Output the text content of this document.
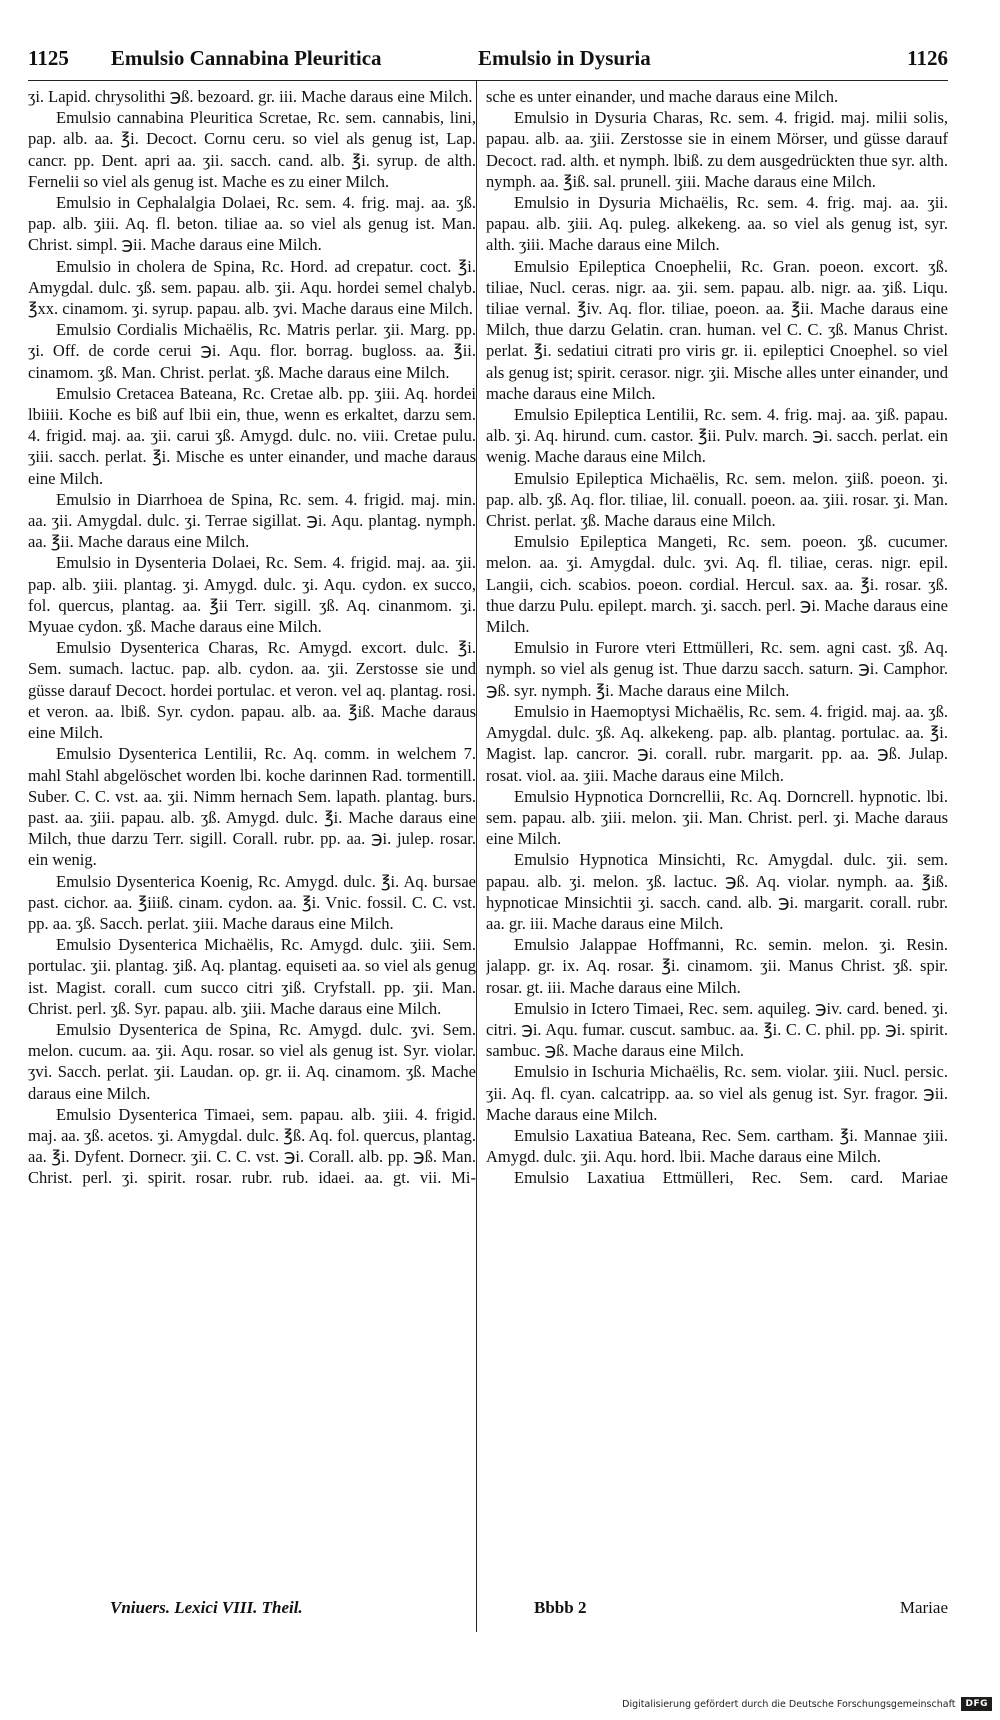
1125 Emulsio Cannabina Pleuritica	Emulsio in Dysuria	1126

ʒi. Lapid. chrysolithi ℈ß. bezoard. gr. iii. Mache daraus eine Milch.

Emulsio cannabina Pleuritica Scretae, Rc. sem. cannabis, lini, pap. alb. aa. ℥i. Decoct. Cornu ceru. so viel als genug ist, Lap. cancr. pp. Dent. apri aa. ʒii. sacch. cand. alb. ℥i. syrup. de alth. Fernelii so viel als genug ist. Mache es zu einer Milch.

Emulsio in Cephalalgia Dolaei, Rc. sem. 4. frig. maj. aa. ʒß. pap. alb. ʒiii. Aq. fl. beton. tiliae aa. so viel als genug ist. Man. Christ. simpl. ℈ii. Mache daraus eine Milch.

Emulsio in cholera de Spina, Rc. Hord. ad crepatur. coct. ℥i. Amygdal. dulc. ʒß. sem. papau. alb. ʒii. Aqu. hordei semel chalyb. ℥xx. cinamom. ʒi. syrup. papau. alb. ʒvi. Mache daraus eine Milch.

Emulsio Cordialis Michaëlis, Rc. Matris perlar. ʒii. Marg. pp. ʒi. Off. de corde cerui ℈i. Aqu. flor. borrag. bugloss. aa. ℥ii. cinamom. ʒß. Man. Christ. perlat. ʒß. Mache daraus eine Milch.

Emulsio Cretacea Bateana, Rc. Cretae alb. pp. ʒiii. Aq. hordei lbiiii. Koche es biß auf lbii ein, thue, wenn es erkaltet, darzu sem. 4. frigid. maj. aa. ʒii. carui ʒß. Amygd. dulc. no. viii. Cretae pulu. ʒiii. sacch. perlat. ℥i. Mische es unter einander, und mache daraus eine Milch.

Emulsio in Diarrhoea de Spina, Rc. sem. 4. frigid. maj. min. aa. ʒii. Amygdal. dulc. ʒi. Terrae sigillat. ℈i. Aqu. plantag. nymph. aa. ℥ii. Mache daraus eine Milch.

Emulsio in Dysenteria Dolaei, Rc. Sem. 4. frigid. maj. aa. ʒii. pap. alb. ʒiii. plantag. ʒi. Amygd. dulc. ʒi. Aqu. cydon. ex succo, fol. quercus, plantag. aa. ℥ii Terr. sigill. ʒß. Aq. cinanmom. ʒi. Myuae cydon. ʒß. Mache daraus eine Milch.

Emulsio Dysenterica Charas, Rc. Amygd. excort. dulc. ℥i. Sem. sumach. lactuc. pap. alb. cydon. aa. ʒii. Zerstosse sie und güsse darauf Decoct. hordei portulac. et veron. vel aq. plantag. rosi. et veron. aa. lbiß. Syr. cydon. papau. alb. aa. ℥iß. Mache daraus eine Milch.

Emulsio Dysenterica Lentilii, Rc. Aq. comm. in welchem 7. mahl Stahl abgelöschet worden lbi. koche darinnen Rad. tormentill. Suber. C. C. vst. aa. ʒii. Nimm hernach Sem. lapath. plantag. burs. past. aa. ʒiii. papau. alb. ʒß. Amygd. dulc. ℥i. Mache daraus eine Milch, thue darzu Terr. sigill. Corall. rubr. pp. aa. ℈i. julep. rosar. ein wenig.

Emulsio Dysenterica Koenig, Rc. Amygd. dulc. ℥i. Aq. bursae past. cichor. aa. ℥iiiß. cinam. cydon. aa. ℥i. Vnic. fossil. C. C. vst. pp. aa. ʒß. Sacch. perlat. ʒiii. Mache daraus eine Milch.

Emulsio Dysenterica Michaëlis, Rc. Amygd. dulc. ʒiii. Sem. portulac. ʒii. plantag. ʒiß. Aq. plantag. equiseti aa. so viel als genug ist. Magist. corall. cum succo citri ʒiß. Cryfstall. pp. ʒii. Man. Christ. perl. ʒß. Syr. papau. alb. ʒiii. Mache daraus eine Milch.

Emulsio Dysenterica de Spina, Rc. Amygd. dulc. ʒvi. Sem. melon. cucum. aa. ʒii. Aqu. rosar. so viel als genug ist. Syr. violar. ʒvi. Sacch. perlat. ʒii. Laudan. op. gr. ii. Aq. cinamom. ʒß. Mache daraus eine Milch.

Emulsio Dysenterica Timaei, sem. papau. alb. ʒiii. 4. frigid. maj. aa. ʒß. acetos. ʒi. Amygdal. dulc. ℥ß. Aq. fol. quercus, plantag. aa. ℥i. Dyfent. Dornecr. ʒii. C. C. vst. ℈i. Corall. alb. pp. ℈ß. Man. Christ. perl. ʒi. spirit. rosar. rubr. rub. idaei. aa. gt. vii. Mi-

sche es unter einander, und mache daraus eine Milch.

Emulsio in Dysuria Charas, Rc. sem. 4. frigid. maj. milii solis, papau. alb. aa. ʒiii. Zerstosse sie in einem Mörser, und güsse darauf Decoct. rad. alth. et nymph. lbiß. zu dem ausgedrückten thue syr. alth. nymph. aa. ℥iß. sal. prunell. ʒiii. Mache daraus eine Milch.

Emulsio in Dysuria Michaëlis, Rc. sem. 4. frig. maj. aa. ʒii. papau. alb. ʒiii. Aq. puleg. alkekeng. aa. so viel als genug ist, syr. alth. ʒiii. Mache daraus eine Milch.

Emulsio Epileptica Cnoephelii, Rc. Gran. poeon. excort. ʒß. tiliae, Nucl. ceras. nigr. aa. ʒii. sem. papau. alb. nigr. aa. ʒiß. Liqu. tiliae vernal. ℥iv. Aq. flor. tiliae, poeon. aa. ℥ii. Mache daraus eine Milch, thue darzu Gelatin. cran. human. vel C. C. ʒß. Manus Christ. perlat. ℥i. sedatiui citrati pro viris gr. ii. epileptici Cnoephel. so viel als genug ist; spirit. cerasor. nigr. ʒii. Mische alles unter einander, und mache daraus eine Milch.

Emulsio Epileptica Lentilii, Rc. sem. 4. frig. maj. aa. ʒiß. papau. alb. ʒi. Aq. hirund. cum. castor. ℥ii. Pulv. march. ℈i. sacch. perlat. ein wenig. Mache daraus eine Milch.

Emulsio Epileptica Michaëlis, Rc. sem. melon. ʒiiß. poeon. ʒi. pap. alb. ʒß. Aq. flor. tiliae, lil. conuall. poeon. aa. ʒiii. rosar. ʒi. Man. Christ. perlat. ʒß. Mache daraus eine Milch.

Emulsio Epileptica Mangeti, Rc. sem. poeon. ʒß. cucumer. melon. aa. ʒi. Amygdal. dulc. ʒvi. Aq. fl. tiliae, ceras. nigr. epil. Langii, cich. scabios. poeon. cordial. Hercul. sax. aa. ℥i. rosar. ʒß. thue darzu Pulu. epilept. march. ʒi. sacch. perl. ℈i. Mache daraus eine Milch.

Emulsio in Furore vteri Ettmülleri, Rc. sem. agni cast. ʒß. Aq. nymph. so viel als genug ist. Thue darzu sacch. saturn. ℈i. Camphor. ℈ß. syr. nymph. ℥i. Mache daraus eine Milch.

Emulsio in Haemoptysi Michaëlis, Rc. sem. 4. frigid. maj. aa. ʒß. Amygdal. dulc. ʒß. Aq. alkekeng. pap. alb. plantag. portulac. aa. ℥i. Magist. lap. cancror. ℈i. corall. rubr. margarit. pp. aa. ℈ß. Julap. rosat. viol. aa. ʒiii. Mache daraus eine Milch.

Emulsio Hypnotica Dorncrellii, Rc. Aq. Dorncrell. hypnotic. lbi. sem. papau. alb. ʒiii. melon. ʒii. Man. Christ. perl. ʒi. Mache daraus eine Milch.

Emulsio Hypnotica Minsichti, Rc. Amygdal. dulc. ʒii. sem. papau. alb. ʒi. melon. ʒß. lactuc. ℈ß. Aq. violar. nymph. aa. ℥iß. hypnoticae Minsichtii ʒi. sacch. cand. alb. ℈i. margarit. corall. rubr. aa. gr. iii. Mache daraus eine Milch.

Emulsio Jalappae Hoffmanni, Rc. semin. melon. ʒi. Resin. jalapp. gr. ix. Aq. rosar. ℥i. cinamom. ʒii. Manus Christ. ʒß. spir. rosar. gt. iii. Mache daraus eine Milch.

Emulsio in Ictero Timaei, Rec. sem. aquileg. ℈iv. card. bened. ʒi. citri. ℈i. Aqu. fumar. cuscut. sambuc. aa. ℥i. C. C. phil. pp. ℈i. spirit. sambuc. ℈ß. Mache daraus eine Milch.

Emulsio in Ischuria Michaëlis, Rc. sem. violar. ʒiii. Nucl. persic. ʒii. Aq. fl. cyan. calcatripp. aa. so viel als genug ist. Syr. fragor. ℈ii. Mache daraus eine Milch.

Emulsio Laxatiua Bateana, Rec. Sem. cartham. ℥i. Mannae ʒiii. Amygd. dulc. ʒii. Aqu. hord. lbii. Mache daraus eine Milch.

Emulsio Laxatiua Ettmülleri, Rec. Sem. card. Mariae

Vniuers. Lexici VIII. Theil.	Bbbb 2	Mariae
Digitalisierung gefördert durch die Deutsche Forschungsgemeinschaft	DFG
